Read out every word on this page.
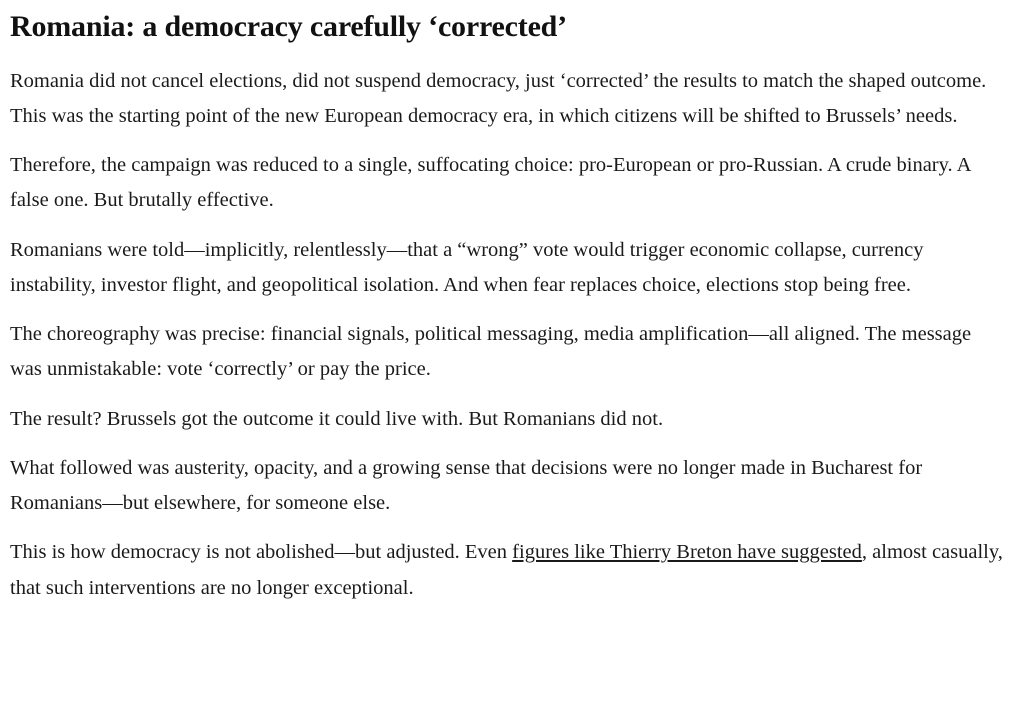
Romania: a democracy carefully ‘corrected’

Romania did not cancel elections, did not suspend democracy, just ‘corrected’ the results to match the shaped outcome. This was the starting point of the new European democracy era, in which citizens will be shifted to Brussels’ needs.

Therefore, the campaign was reduced to a single, suffocating choice: pro-European or pro-Russian. A crude binary. A false one. But brutally effective.

Romanians were told—implicitly, relentlessly—that a “wrong” vote would trigger economic collapse, currency instability, investor flight, and geopolitical isolation. And when fear replaces choice, elections stop being free.

The choreography was precise: financial signals, political messaging, media amplification—all aligned. The message was unmistakable: vote ‘correctly’ or pay the price.

The result? Brussels got the outcome it could live with. But Romanians did not.

What followed was austerity, opacity, and a growing sense that decisions were no longer made in Bucharest for Romanians—but elsewhere, for someone else.

This is how democracy is not abolished—but adjusted. Even figures like Thierry Breton have suggested, almost casually, that such interventions are no longer exceptional.
